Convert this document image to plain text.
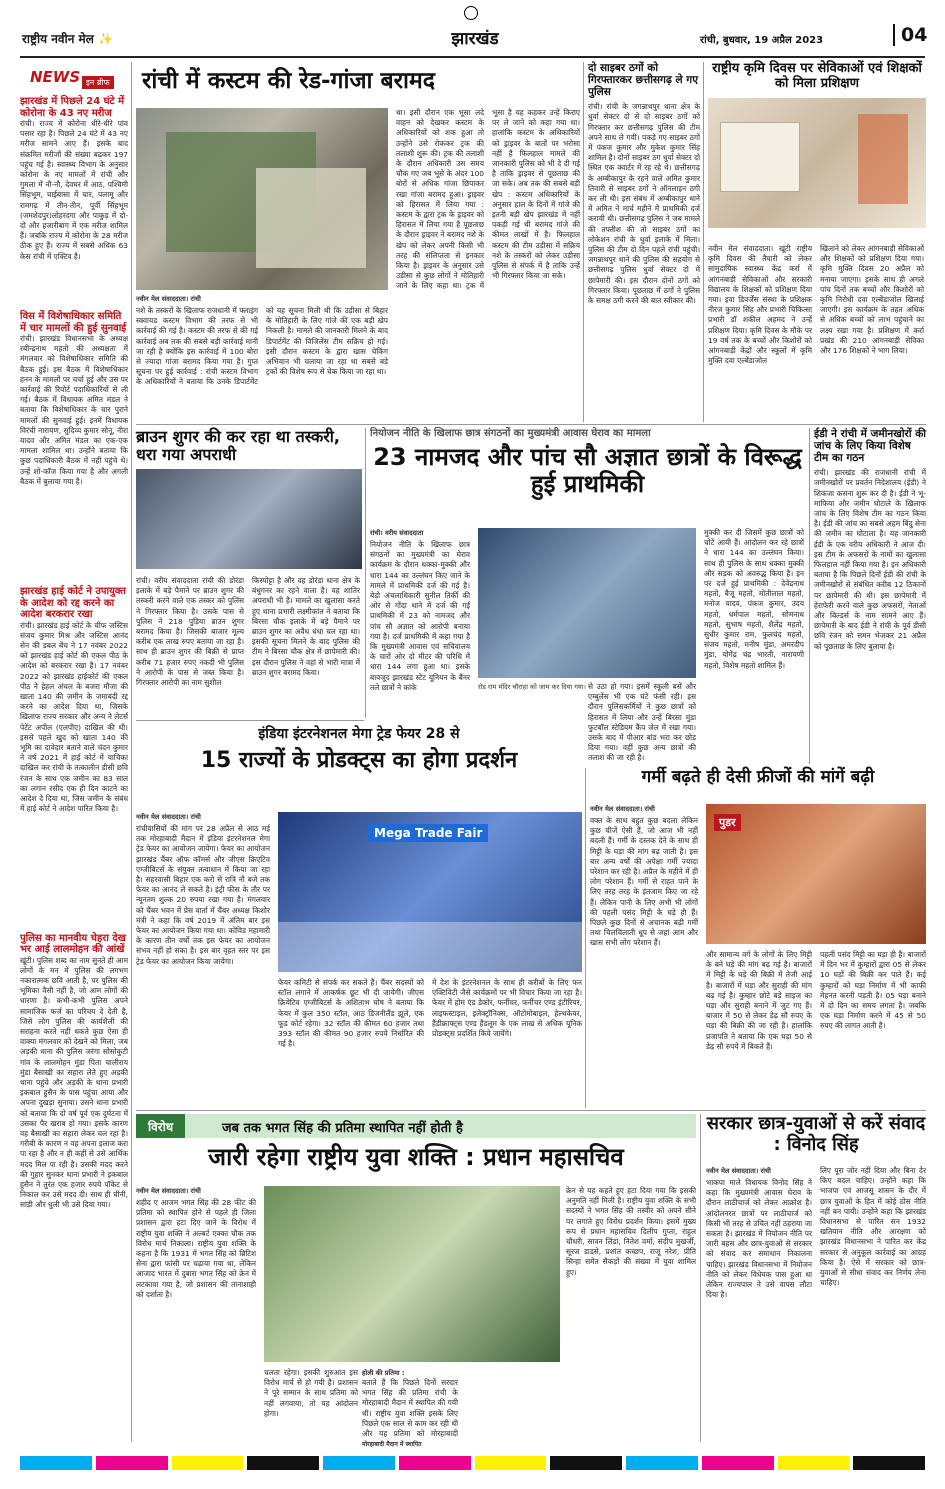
राष्ट्रीय नवीन मेल ✨	झारखंड	रांची, बुधवार, 19 अप्रैल 2023	04
NEWS इन ब्रीफ
झारखंड में पिछले 24 घंटे में कोरोना के 43 नए मरीज
रांची। राज्य में कोरोना धीरे-धीरे पांव पसार रहा है। पिछले 24 घंटे में 43 नए मरीज सामने आए हैं। इसके बाद संक्रमित मरीजों की संख्या बढ़कर 197 पहुंच गई है। स्वास्थ्य विभाग के अनुसार कोरोना के नए मामलों में रांची और गुमला में नौ-नौ, देवघर में आठ, पश्चिमी सिंहभूम, चाईबासा में चार, पलामू और रामगढ़ में तीन-तीन, पूर्वी सिंहभूम (जमशेदपुर)लोहरदगा और पाकुड़ में दो-दो और हजारीबाग में एक मरीज शामिल हैं। जबकि राज्य में कोरोना के 28 मरीज ठीक हुए हैं। राज्य में सबसे अधिक 63 केस रांची में एक्टिव है।
विस में विशेषाधिकार समिति में चार मामलों की हुई सुनवाई
रांची। झारखंड विधानसभा के अध्यक्ष रबीन्द्रनाथ महतो की अध्यक्षता में मंगलवार को विशेषाधिकार समिति की बैठक हुई। इस बैठक में विशेषाधिकार हनन के मामलों पर चर्चा हुई और उस पर कार्रवाई की रिपोर्ट पदाधिकारियों से ली गई। बैठक में विधायक अमित मंडल ने बताया कि विशेषाधिकार के चार पुराने मामलों की सुनवाई हुई। इनमें विधायक विरंची नारायण, सुदिव्य कुमार सोनू, नीरा यादव और अमित मंडल का एक-एक मामला शामिल था। उन्होंने बताया कि कुछ पदाधिकारी बैठक में नहीं पहुंचे थे। उन्हें शो-कॉज किया गया है और अगली बैठक में बुलाया गया है।
झारखंड हाई कोर्ट ने उपायुक्त के आदेश को रद्द करने का आदेश बरकरार रखा
रांची। झारखंड हाई कोर्ट के चीफ जस्टिस संजय कुमार मिश्र और जस्टिस आनंद सेन की डबल बेंच ने 17 नवंबर 2022 को झारखंड हाई कोर्ट की एकल पीठ के आदेश को बरकरार रखा है। 17 नवंबर 2022 को झारखंड हाईकोर्ट की एकल पीठ ने हेहल अंचल के बजरा मौजा की खाता 140 की जमीन के जमाबंदी रद्द करने का आदेश दिया था, जिसके खिलाफ राज्य सरकार और अन्य ने लेटर्स पेटेंट अपील (एलपीए) दाखिल की थी। इससे पहले खुद को खाता 140 की भूमि का दावेदार बताने वाले चंदन कुमार ने वर्ष 2021 में हाई कोर्ट में याचिका दाखिल कर रांची के तत्कालीन डीसी छवि रंजन के साथ एक जमीन का 83 साल का लगान रसीद एक ही दिन काटने का आदेश दे दिया था, जिस जमीन के संबंध में हाई कोर्ट ने आदेश पारित किया है।
पुलिस का मानवीय चेहरा देख भर आई लालमोहन की आंखें
खूंटी। पुलिस शब्द का नाम सुनते ही आम लोगों के मन में पुलिस की लगभग नकारात्मक छवि आती है, पर पुलिस की भूमिका वैसी नहीं है, जो आम लोगों की धारणा है। कभी-कभी पुलिस अपने सामाजिक फर्ज का परिचय दे देती है, जिसे लोग पुलिस की कार्यशैली की सराहना करते नहीं थकते कुछ ऐसा ही वाक्या मंगलवार को देखने को मिला, जब अड़की थाना की पुलिस जरंगा सोसोकुटी गांव के लालमोहन मुंडा पिता चालीराय मुंडा बैसाखी का सहारा लेते हुए अड़की थाना पहुंचे और अड़की के थाना प्रभारी इकबाल हुसैन के पास पहुंचा आया और अपना दुखड़ा सुनाया। उसने थाना प्रभारी को बताया कि दो वर्ष पूर्व एक दुर्घटना में उसका पैर खराब हो गया। इसके कारण वह बैसाखी का सहारा लेकर चल रहा है। गरीबी के कारण न वह अपना इलाज करा पा रहा है और न ही कहीं से उसे आर्थिक मदद मिल पा रही है। उसकी मदद करने की गुहार सुनकर थाना प्रभारी ने इकबाल हुसैन ने तुरंत एक हजार रुपये पॉकेट से निकाल कर उसे मदद दी। साथ ही चीनी, साड़ी और धुली भी उसे दिया गया।
रांची में कस्टम की रेड-गांजा बरामद
नवीन मेल संवाददाता। रांची
नशे के तस्करों के खिलाफ राजधानी में फ्लाइंग स्क्वायड कस्टम विभाग की तरफ से भी कार्रवाई की गई है। कस्टम की तरफ से की गई कार्रवाई अब तक की सबसे बड़ी कार्रवाई मानी जा रही है क्योंकि इस कार्रवाई में 100 बोरा से ज्यादा गांजा बरामद किया गया है। गुप्त सूचना पर हुई कार्रवाई : रांची कस्टम विभाग के अधिकारियों ने बताया कि उनके डिपार्टमेंट को यह सूचना मिली थी कि उड़ीसा से बिहार के मोतिहारी के लिए गांजे की एक बड़ी खेप निकली है। मामले की जानकारी मिलने के बाद डिपार्टमेंट की विजिलेंस टीम सक्रिय हो गई। इसी दौरान कस्टम के द्वारा खास चेकिंग अभियान भी चलाया जा रहा था सबसे बड़े ट्रकों की विशेष रूप से चेक किया जा रहा था।
था। इसी दौरान एक भूसा लदे वाहन को देखकर कस्टम के अधिकारियों को शक हुआ तो उन्होंने उसे रोककर ट्रक की तलाशी शुरू की। ट्रक की तलाशी के दौरान अधिकारी उस समय चौंक गए जब भूसे के अंदर 100 बोरों से अधिक गांजा छिपाकर रखा गांजा बरामद हुआ। ड्राइवर को हिरासत में लिया गया : कस्टम के द्वारा ट्रक के ड्राइवर को हिरासत में लिया गया है पूछताछ के दौरान ड्राइवर ने बरामद नशे के खेप को लेकर अपनी किसी भी तरह की संलिप्तता से इनकार किया है। ड्राइवर के अनुसार उसे उड़ीसा से कुछ लोगों ने मोतिहारी जाने के लिए कहा था। ट्रक में भूसा है यह कहकर उन्हें किराए पर ले जाने को कहा गया था। हालांकि कस्टम के अधिकारियों को ड्राइवर के बातों पर भरोसा नहीं है फिलहाल मामले की जानकारी पुलिस को भी दे दी गई है ताकि ड्राइवर से पूछताछ की जा सके। अब तक की सबसे बड़ी खेप : कस्टम अधिकारियों के अनुसार हाल के दिनों में गांजे की इतनी बड़ी खेप झारखंड में नहीं पकड़ी गई थी बरामद गांजे की कीमत लाखों में है। फिलहाल कस्टम की टीम उड़ीसा में सक्रिय नशे के तस्करों को लेकर उड़ीसा पुलिस से संपर्क में है ताकि उन्हें भी गिरफ्तार किया जा सके।
दो साइबर ठगों को गिरफ्तारकर छत्तीसगढ़ ले गए पुलिस
रांची। रांची के जगन्नाथपुर थाना क्षेत्र के धुर्वा सेक्टर दो से दो साइबर ठगों को गिरफ्तार कर छत्तीसगढ़ पुलिस की टीम अपने साथ ले गयी। पकड़े गए साइबर ठगों में पंकज कुमार और मुकेश कुमार सिंह शामिल है। दोनों साइबर ठग धुर्वा सेक्टर दो स्थित एक क्वार्टर में रह रहे थे। छत्तीसगढ़ के अम्बीकापुर के रहने वाले अमित कुमार तिवारी से साइबर ठगों ने ऑनलाइन ठगी कर ली थी। इस संबंध में अम्बीकापुर थाने में अमित ने मार्च महीने में प्राथमिकी दर्ज करायी थी। छत्तीसगढ़ पुलिस ने जब मामले की तफ्तीश की तो साइबर ठगों का लोकेशन रांची के धुर्वा इलाके में मिला। पुलिस की टीम दो दिन पहले रांची पहुंची। जगन्नाथपुर थाने की पुलिस की सहयोग से छत्तीसगढ़ पुलिस धुर्वा सेक्टर दो में छापेमारी की। इस दौरान दोनों ठगों को गिरफ्तार किया। पूछताछ में ठगों ने पुलिस के समक्ष ठगी करने की बात स्वीकार की।
राष्ट्रीय कृमि दिवस पर सेविकाओं एवं शिक्षकों को मिला प्रशिक्षण
नवीन मेल संवाददाता। खूंटी राष्ट्रीय कृमि दिवस की तैयारी को लेकर सामुदायिक स्वास्थ्य केंद्र कर्रा में आंगनबाड़ी सेविकाओं और सरकारी विद्यालय के शिक्षकों को प्रशिक्षण दिया गया। इवा डिवर्जेंस संस्था के प्रशिक्षक नीरज कुमार सिंह और प्रभारी चिकित्सा प्रभारी डॉ शकील अहमद ने उन्हें प्रशिक्षण दिया। कृमि दिवस के मौके पर 19 वर्ष तक के बच्चों और किशोरों को आंगनबाड़ी केंद्रों और स्कूलों में कृमि मुक्ति दवा एल्बेंडाजोल
खिलाने को लेकर आंगनबाड़ी सेविकाओं और शिक्षकों को प्रशिक्षण दिया गया। कृमि मुक्ति दिवस 20 अप्रैल को मनाया जाएगा। इसके साथ ही अगले पांच दिनों तक बच्चों और किशोरों को कृमि निरोधी दवा एल्बेंडाजोल खिलाई जाएगी। इस कार्यक्रम के तहत अधिक से अधिक बच्चों को लाभ पहुंचाने का लक्ष्य रखा गया है। प्रशिक्षण में कर्रा प्रखंड की 210 आंगनबाड़ी सेविका और 176 शिक्षकों ने भाग लिया।
ब्राउन शुगर की कर रहा था तस्करी, धरा गया अपराधी
रांची। वरीय संवाददाता रांची की डोरंडा इलाके में बड़े पैमाने पर ब्राउन शुगर की तस्करी करने वाले एक तस्कर को पुलिस ने गिरफ्तार किया है। उसके पास से पुलिस ने 218 पुड़िया ब्राउन शुगर बरामद किया है। जिसकी बाजार मूल्य करीब एक लाख रुपए बताया जा रहा है। साथ ही ब्राउन शुगर की बिक्री से प्राप्त करीब 71 हजार रुपए नकदी भी पुलिस ने आरोपी के पास से जब्त किया है। गिरफ्तार आरोपी का नाम सुशील
किस्पोट्टा है और वह डोरंडा थाना क्षेत्र के बंधुगनर का रहने वाला है। वह शातिर अपराधी भी है। मामले का खुलासा करते हुए थाना प्रभारी लक्ष्मीकांत ने बताया कि बिरसा चौक इलाके में बड़े पैमाने पर ब्राउन शुगर का अवैध धंधा चल रहा था। इसकी सूचना मिलने के बाद पुलिस की टीम ने बिरसा चौक क्षेत्र में छापेमारी की। इस दौरान पुलिस ने वहां से भारी मात्रा में ब्राउन शुगर बरामद किया।
नियोजन नीति के खिलाफ छात्र संगठनों का मुख्यमंत्री आवास घेराव का मामला
23 नामजद और पांच सौ अज्ञात छात्रों के विरूद्ध हुई प्राथमिकी
रांची। वरीय संवाददाता
नियोजन नीति के खिलाफ छात्र संगठनों का मुख्यमंत्री का घेराव कार्यक्रम के दौरान धक्का-मुक्की और धारा 144 का उल्लंघन किए जाने के मामले में प्राथमिकी दर्ज की गई है। बेड़ो अंचलाधिकारी सुनील तिर्की की ओर से गोंदा थाने में दर्ज की गई प्राथमिकी में 23 को नामजद और पांच सौ अज्ञात को आरोपी बनाया गया है। दर्ज प्राथमिकी में कहा गया है कि मुख्यमंत्री आवास एवं सचिवालय के चारों ओर दो मीटर की परिधि में धारा 144 लगा हुआ था। इसके बावजूद झारखंड स्टेट यूनियन के बैनर तले छात्रों ने कांके	रोड राम मंदिर चौराहा को जाम कर दिया गया। से उठा हो गया। इसमें स्कूली बसें और एम्बुलेंस भी एक घंटे फंसी रही। इस दौरान पुलिसकर्मियों ने कुछ छात्रों को हिरासत में लिया और उन्हें बिरसा मुंडा फुटबॉल स्टेडियम कैंप जेल में रखा गया। उसके बाद में पीआर बांड भरा कर छोड़ दिया गया। वहीं कुछ अन्य छात्रों की तलाश की जा रही है।
मुक्की कर दी जिसमें कुछ छात्रों को चोटें आयी हैं। आंदोलन कर रहे छात्रों ने धारा 144 का उल्लंघन किया। साथ ही पुलिस के साथ धक्का मुक्की और सड़क को अवरुद्ध किया है। इन पर दर्ज हुई प्राथमिकी : देवेंद्रनाथ महतो, बैजू महतो, मोतीलाल महतो, मनोज यादव, पंकज कुमार, उदय महतो, धर्मपाल महतो, सोमनाथ महतो, सुभाष महतो, शैलेंद्र महतो, सुधीर कुमार राम, फुलचंद महतो, संजय महतो, मनीष मुंडा, अमरदीप मुंडा, योगेंद्र चंद्र भारती, नारायणी महतो, विशेष महतो शामिल हैं।
ईडी ने रांची में जमीनखोरों की जांच के लिए किया विशेष टीम का गठन
रांची। झारखंड की राजधानी रांची में जमीनखोरों पर प्रवर्तन निदेशालय (ईडी) ने शिकंजा कसना शुरू कर दी है। ईडी ने भू-माफिया और जमीन घोटाले के खिलाफ जांच के लिए विशेष टीम का गठन किया है। ईडी की जांच का सबसे अहम बिंदु सेना की जमीन का घोटाला है। यह जानकारी ईडी के एक वरीय अधिकारी ने आज दी। इस टीम के अफसरों के नामों का खुलासा फिलहाल नहीं किया गया है। इन अधिकारी बताया है कि पिछले दिनों ईडी की रांची के जमीनखोरों से संबंधित करीब 12 ठिकानों पर छापेमारी की थी। इस छापेमारी में हेराफेरी करने वाले कुछ अफसरों, नेताओं और बिल्डर्स के नाम सामने आए हैं। छापेमारी के बाद ईडी ने रांची के पूर्व डीसी छवि रंजन को समन भेजकर 21 अप्रैल को पूछताछ के लिए बुलाया है।
इंडिया इंटरनेशनल मेगा ट्रेड फेयर 28 से
15 राज्यों के प्रोडक्ट्स का होगा प्रदर्शन
नवीन मेल संवाददाता। रांची
रांचीवासियों की मांग पर 28 अप्रैल से आठ मई तक मोरहाबादी मैदान में इंडिया इंटरनेशनल मेगा ट्रेड फेयर का आयोजन जायेगा। फेयर का आयोजन झारखंड चैंबर ऑफ कॉमर्स और जीएस क्रिएटिव एग्जीबिटर्स के संयुक्त तत्वाधान में किया जा रहा है। सहरवासी बिहार एक करो से रात्रि नौ बजे तक फेयर का आनंद ले सकते है। इंट्री फीस के तौर पर न्यूनतम शुल्क 20 रुपया रखा गया है। मंगलवार को चैंबर भवन में प्रेस वार्ता में चैंबर अध्यक्ष किशोर मंत्री ने कहा कि वर्ष 2019 में अंतिम बार इस फेयर का आयोजन किया गया था। कोविड महामारी के कारण तीन वर्षों तक इस फेयर का आयोजन संभव नहीं हो सका है। इस बार वृहत स्तर पर इस ट्रेड फेयर का आयोजन किया जायेगा।
Mega Trade Fair
फेयर कमिटी से संपर्क कर सकते हैं। चैंबर सदस्यों को स्टॉल लगाने में आकर्षक छूट भी दी जायेगी। जीएस क्रियेटिव एग्जीबिटर्स के अशिताभ घोष ने बताया कि फेयर में कुल 350 स्टॉल, आठ डिजनीलैंड झूले, एक फूड कोर्ट रहेगा। 32 स्टॉल की कीमत 60 हजार तथा 393 स्टॉल की कीमत 90 हजार रुपये निर्धारित की गई है।
में देश के इंटरनेशनल के साथ ही करीबों के लिए फन एक्टिविटी जैसे कार्यक्रमों पर भी विचार किया जा रहा है। फेयर में होम एंड डेकोर, फर्नीचर, फर्नीचर एण्ड इंटीरियर, लाइफस्टाइल, इलेक्ट्रॉनिक्स, ऑटोमोबाइल, हेल्थकेयर, हैंडीक्राफ्ट्स एण्ड हैंडलूम के एक लाख से अधिक यूनिक प्रोडक्ट्स प्रदर्शित किये जायेंगे।
गर्मी बढ़ते ही देसी फ्रीजों की मांगें बढ़ी
नवीन मेल संवाददाता। रांची
वक्त के साथ बहुत कुछ बदला लेकिन कुछ चीजें ऐसी हैं, जो आज भी नहीं बदली हैं। गर्मी के दस्तक देने के साथ ही मिट्टी के घड़ा की मांग बढ़ जाती है। इस बार अन्य वर्षों की अपेक्षा गर्मी ज्यादा परेशान कर रही है। अप्रैल के महीने में ही लोग परेशान हैं। गर्मी से राहत पाने के लिए तरह तरह के इंतजाम किए जा रहे हैं। लेकिन पानी के लिए अभी भी लोगों की पहली पसंद मिट्टी के घड़े ही हैं। पिछले कुछ दिनों से अचानक बढ़ी गर्मी तथा चिलचिलाती धूप से जहां आम और खास सभी लोग परेशान हैं।
पुडर
और सामान्य वर्ग के लोगों के लिए मिट्टी के बने घड़े की मांग बढ़ गई है। बाजारों में मिट्टी के घड़े की बिक्री में तेजी आई है। बाजारों में घड़ा और सुराही की मांग बढ़ गई है। कुम्हार छोटे बड़े साइज का घड़ा और सुराही बनाने में जुट गए हैं। बाजार में 50 से लेकर डेढ़ सौ रुपए के घड़ा की बिक्री की जा रही है। हालांकि प्रजापति ने बताया कि एक घड़ा 50 से डेढ़ सौ रुपये में बिकते हैं।
पहली पसंद मिट्टी का घड़ा ही है। बाजारों में दिन भर में कुम्हारों द्वारा 05 से लेकर 10 घड़ों की बिक्री कर पाते हैं। कई कुम्हारों को घड़ा निर्माण में भी काफी मेहनत करनी पड़ती है। 05 घड़ा बनाने में दो दिन का समय लगता है। जबकि एक घड़ा निर्माण करने में 45 से 50 रुपए की लागत आती है।
विरोध	जब तक भगत सिंह की प्रतिमा स्थापित नहीं होती है
जारी रहेगा राष्ट्रीय युवा शक्ति : प्रधान महासचिव
नवीन मेल संवाददाता। रांची
शहीद ए आजम भगत सिंह की 28 फीट की प्रतिमा को स्थापित होने से पहले ही जिला प्रशासन द्वारा हटा दिए जाने के विरोध में राष्ट्रीय युवा शक्ति ने अल्बर्ट एक्का चौक तक विरोध मार्च निकाला। राष्ट्रीय युवा शक्ति के कहना है कि 1931 में भगत सिंह को ब्रिटिश सेना द्वारा फांसी पर चढ़ाया गया था, लेकिन आजाद भारत में दुबारा भगत सिंह को क्रेन में लटकाया गया है, जो प्रशासन की तानाशाही को दर्शाता है।
चलता रहेगा। इसकी शुरुआत इस विरोध मार्च से हो गयी है। प्रशासन ने पूरे सम्मान के साथ प्रतिमा को नहीं लगवाया, तो यह आंदोलन होगा।
होली की प्रतिमा :
बताते हैं कि पिछले दिनों सरदार भगत सिंह की प्रतिमा रांची के मोरहाबादी मैदान में स्थापित की गयी थी। राष्ट्रीय युवा शक्ति इसके लिए पिछले एक साल से काम कर रही थी और यह प्रतिमा को मोरहाबादी
मोरहाबादी मैदान में स्थापित
क्रेन से यह कहते हुए हटा दिया गया कि इसकी अनुमति नहीं मिली है। राष्ट्रीय युवा शक्ति के सभी सदस्यों ने भगत सिंह की तस्वीर को अपने सीने पर लगाते हुए विरोध प्रदर्शन किया। इसमें मुख्य रूप से प्रधान महासचिव दिलीप गुप्ता, राहुल चौधरी, सावन लिंडा, नितेश वर्मा, संदीप मुखर्जी, सूरज डाडसे, प्रशांत कच्छप, राजू नरेश, प्रीति सिन्हा समेत सैकड़ों की संख्या में युवा शामिल हुए।
सरकार छात्र-युवाओं से करें संवाद : विनोद सिंह
नवीन मेल संवाददाता। रांची
भाकपा माले विधायक विनोद सिंह ने कहा कि मुख्यमंत्री आवास घेराव के दौरान लाठीचार्ज को लेकर आक्रोश है। आंदोलनरत छात्रों पर लाठीचार्ज को किसी भी तरह से उचित नहीं ठहराया जा सकता है। झारखंड में नियोजन नीति पर जारी बहस और छात्र-युवाओं से सरकार को संवाद कर समाधान निकालना चाहिए। झारखंड विधानसभा में नियोजन नीति को लेकर विधेयक पास हुआ था लेकिन राज्यपाल ने उसे वापस लौटा दिया है।
लिए पूरा जोर नहीं दिया और बिना देर किए बदल चाहिए। उन्होंने कहा कि भाजपा एवं आजसू शासन के दौर में छात्र युवाओं के हित में कोई ठोस नीति नहीं बन पायी। उन्होंने कहा कि झारखंड विधानसभा से पारित सन 1932 खतियान नीति और आरक्षण को झारखंड विधानसभा ने पारित कर केंद्र सरकार से अनुकूल कार्रवाई का आग्रह किया है। ऐसे में सरकार को छात्र-युवाओं से सीधा संवाद कर निर्णय लेना चाहिए।
